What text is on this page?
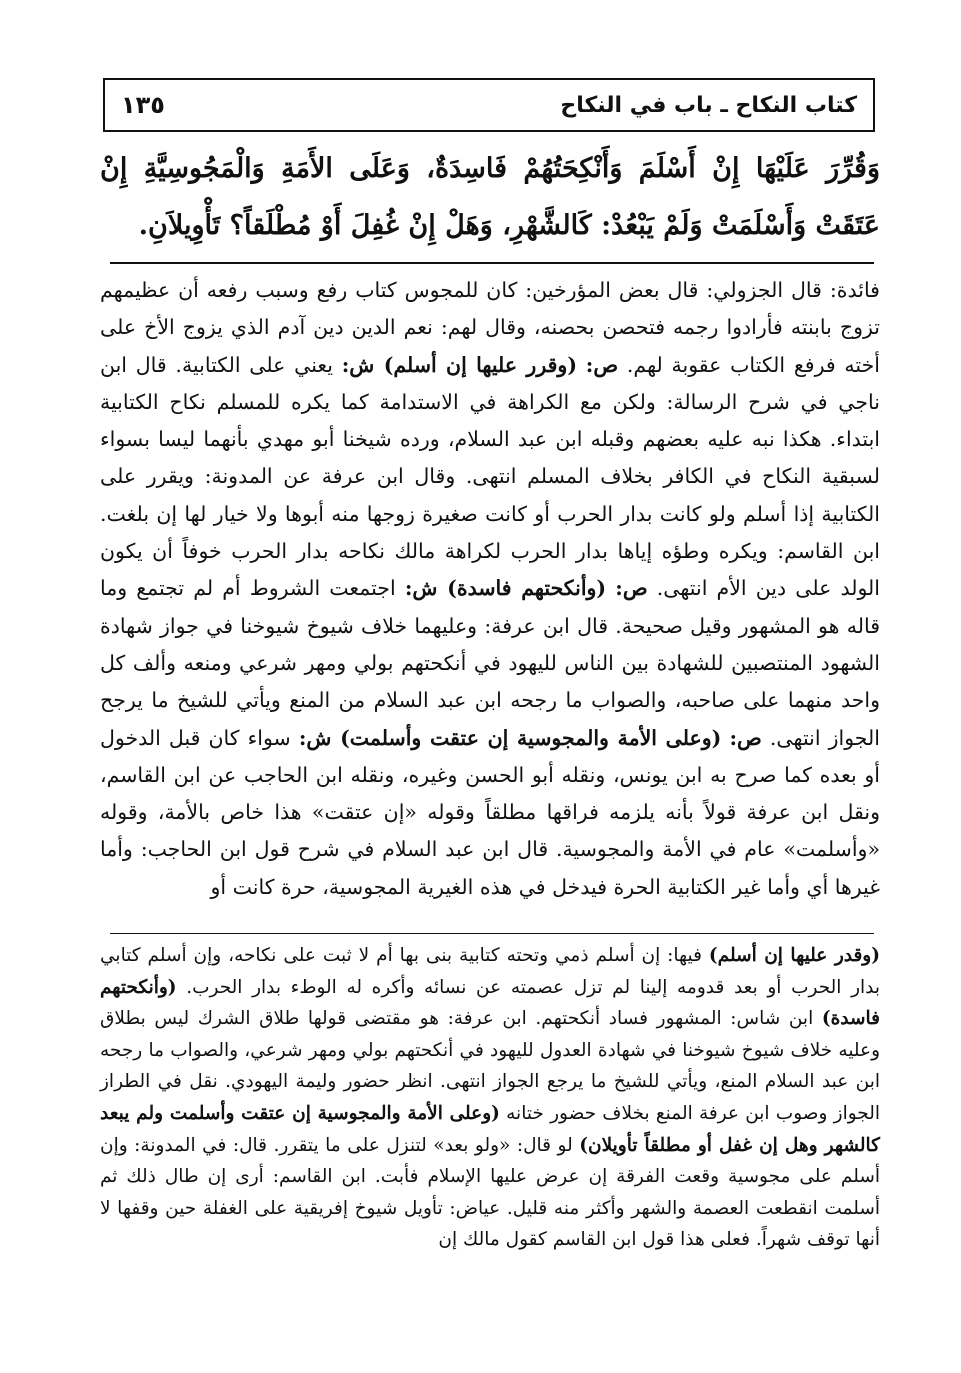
كتاب النكاح ـ باب في النكاح
١٣٥

وَقُرِّرَ عَلَيْهَا إِنْ أَسْلَمَ وَأَنْكِحَتُهُمْ فَاسِدَةٌ، وَعَلَى الأَمَةِ وَالْمَجُوسِيَّةِ إِنْ عَتَقَتْ وَأَسْلَمَتْ وَلَمْ يَبْعُدْ: كَالشَّهْرِ، وَهَلْ إِنْ غُفِلَ أَوْ مُطْلَقاً؟ تَأْوِيلاَنِ.

فائدة: قال الجزولي: قال بعض المؤرخين: كان للمجوس كتاب رفع وسبب رفعه أن عظيمهم تزوج بابنته فأرادوا رجمه فتحصن بحصنه، وقال لهم: نعم الدين دين آدم الذي يزوج الأخ على أخته فرفع الكتاب عقوبة لهم. ص: (وقرر عليها إن أسلم) ش: يعني على الكتابية. قال ابن ناجي في شرح الرسالة: ولكن مع الكراهة في الاستدامة كما يكره للمسلم نكاح الكتابية ابتداء. هكذا نبه عليه بعضهم وقبله ابن عبد السلام، ورده شيخنا أبو مهدي بأنهما ليسا بسواء لسبقية النكاح في الكافر بخلاف المسلم انتهى. وقال ابن عرفة عن المدونة: ويقرر على الكتابية إذا أسلم ولو كانت بدار الحرب أو كانت صغيرة زوجها منه أبوها ولا خيار لها إن بلغت. ابن القاسم: ويكره وطؤه إياها بدار الحرب لكراهة مالك نكاحه بدار الحرب خوفاً أن يكون الولد على دين الأم انتهى. ص: (وأنكحتهم فاسدة) ش: اجتمعت الشروط أم لم تجتمع وما قاله هو المشهور وقيل صحيحة. قال ابن عرفة: وعليهما خلاف شيوخ شيوخنا في جواز شهادة الشهود المنتصبين للشهادة بين الناس لليهود في أنكحتهم بولي ومهر شرعي ومنعه وألف كل واحد منهما على صاحبه، والصواب ما رجحه ابن عبد السلام من المنع ويأتي للشيخ ما يرجح الجواز انتهى. ص: (وعلى الأمة والمجوسية إن عتقت وأسلمت) ش: سواء كان قبل الدخول أو بعده كما صرح به ابن يونس، ونقله أبو الحسن وغيره، ونقله ابن الحاجب عن ابن القاسم، ونقل ابن عرفة قولاً بأنه يلزمه فراقها مطلقاً وقوله «إن عتقت» هذا خاص بالأمة، وقوله «وأسلمت» عام في الأمة والمجوسية. قال ابن عبد السلام في شرح قول ابن الحاجب: وأما غيرها أي وأما غير الكتابية الحرة فيدخل في هذه الغيرية المجوسية، حرة كانت أو

(وقدر عليها إن أسلم) فيها: إن أسلم ذمي وتحته كتابية بنى بها أم لا ثبت على نكاحه، وإن أسلم كتابي بدار الحرب أو بعد قدومه إلينا لم تزل عصمته عن نسائه وأكره له الوطء بدار الحرب. (وأنكحتهم فاسدة) ابن شاس: المشهور فساد أنكحتهم. ابن عرفة: هو مقتضى قولها طلاق الشرك ليس بطلاق وعليه خلاف شيوخ شيوخنا في شهادة العدول لليهود في أنكحتهم بولي ومهر شرعي، والصواب ما رجحه ابن عبد السلام المنع، ويأتي للشيخ ما يرجع الجواز انتهى. انظر حضور وليمة اليهودي. نقل في الطراز الجواز وصوب ابن عرفة المنع بخلاف حضور ختانه (وعلى الأمة والمجوسية إن عتقت وأسلمت ولم يبعد كالشهر وهل إن غفل أو مطلقاً تأويلان) لو قال: «ولو بعد» لتنزل على ما يتقرر. قال: في المدونة: وإن أسلم على مجوسية وقعت الفرقة إن عرض عليها الإسلام فأبت. ابن القاسم: أرى إن طال ذلك ثم أسلمت انقطعت العصمة والشهر وأكثر منه قليل. عياض: تأويل شيوخ إفريقية على الغفلة حين وقفها لا أنها توقف شهراً. فعلى هذا قول ابن القاسم كقول مالك إن
